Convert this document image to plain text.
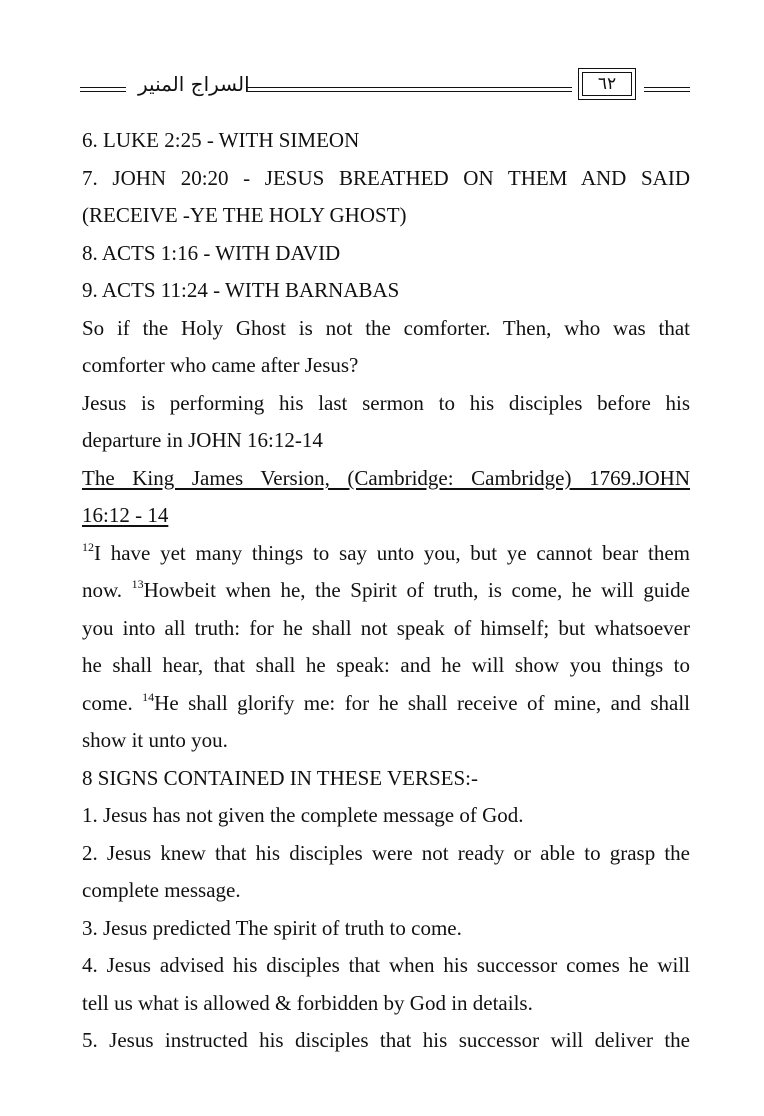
السراج المنير	٦٢
6. LUKE 2:25 - WITH SIMEON
7. JOHN 20:20 - JESUS BREATHED ON THEM AND SAID
(RECEIVE -YE THE HOLY GHOST)
8. ACTS 1:16 - WITH DAVID
9. ACTS 11:24 - WITH BARNABAS
So if the Holy Ghost is not the comforter. Then, who was that
comforter who came after Jesus?
Jesus is performing his last sermon to his disciples before his
departure in JOHN 16:12-14
The King James Version, (Cambridge: Cambridge) 1769.JOHN
16:12 - 14
$^{12}$I have yet many things to say unto you, but ye cannot bear them
now. $^{13}$Howbeit when he, the Spirit of truth, is come, he will guide
you into all truth: for he shall not speak of himself; but whatsoever
he shall hear, that shall he speak: and he will show you things to
come. $^{14}$He shall glorify me: for he shall receive of mine, and shall
show it unto you.
8 SIGNS CONTAINED IN THESE VERSES:-
1. Jesus has not given the complete message of God.
2. Jesus knew that his disciples were not ready or able to grasp the
complete message.
3. Jesus predicted The spirit of truth to come.
4. Jesus advised his disciples that when his successor comes he will
tell us what is allowed & forbidden by God in details.
5. Jesus instructed his disciples that his successor will deliver the
